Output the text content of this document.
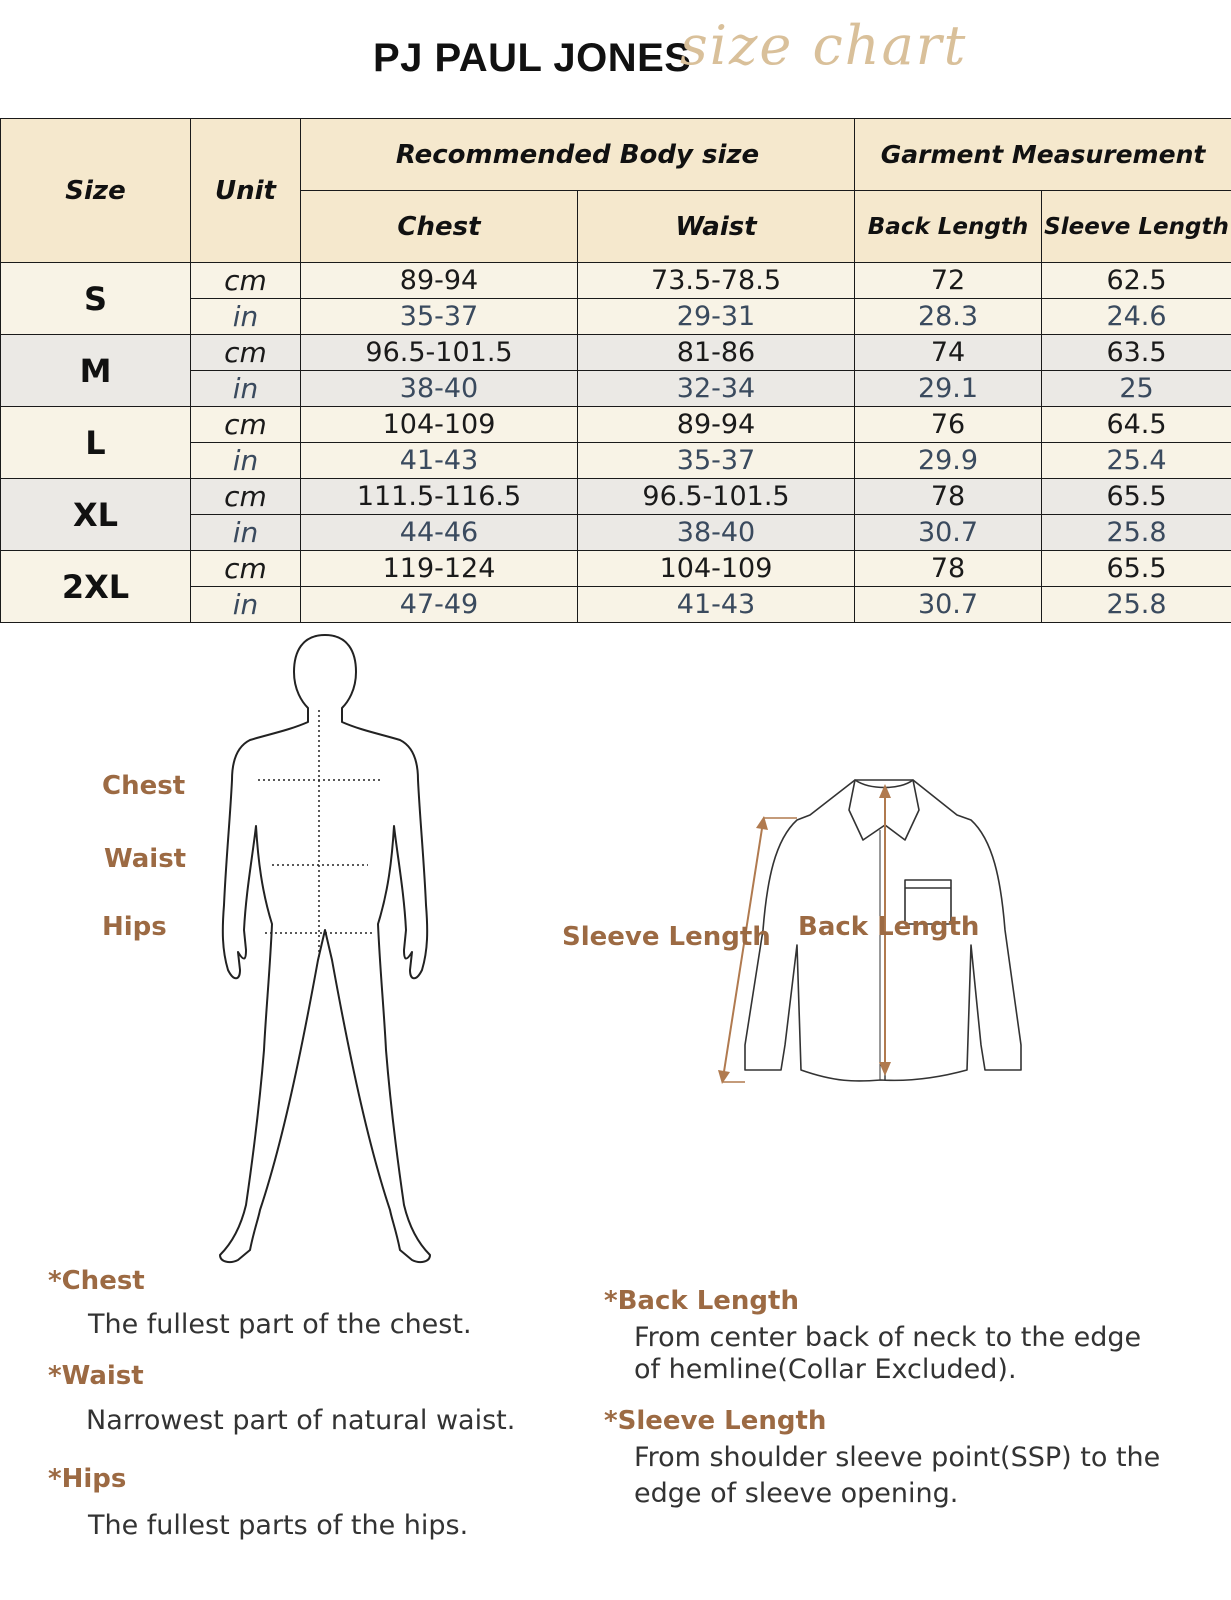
PJ PAUL JONES
size chart
Size	Unit	Recommended Body size		Garment Measurement	
		Chest	Waist	Back Length	Sleeve Length
S	cm	89-94	73.5-78.5	72	62.5
	in	35-37	29-31	28.3	24.6
M	cm	96.5-101.5	81-86	74	63.5
	in	38-40	32-34	29.1	25
L	cm	104-109	89-94	76	64.5
	in	41-43	35-37	29.9	25.4
XL	cm	111.5-116.5	96.5-101.5	78	65.5
	in	44-46	38-40	30.7	25.8
2XL	cm	119-124	104-109	78	65.5
	in	47-49	41-43	30.7	25.8
Chest
Waist
Hips	Sleeve Length Back Length
*Chest
The fullest part of the chest.
*Waist
Narrowest part of natural waist.
*Hips
The fullest parts of the hips.
*Back Length
From center back of neck to the edge
of hemline(Collar Excluded).
*Sleeve Length
From shoulder sleeve point(SSP) to the
edge of sleeve opening.
